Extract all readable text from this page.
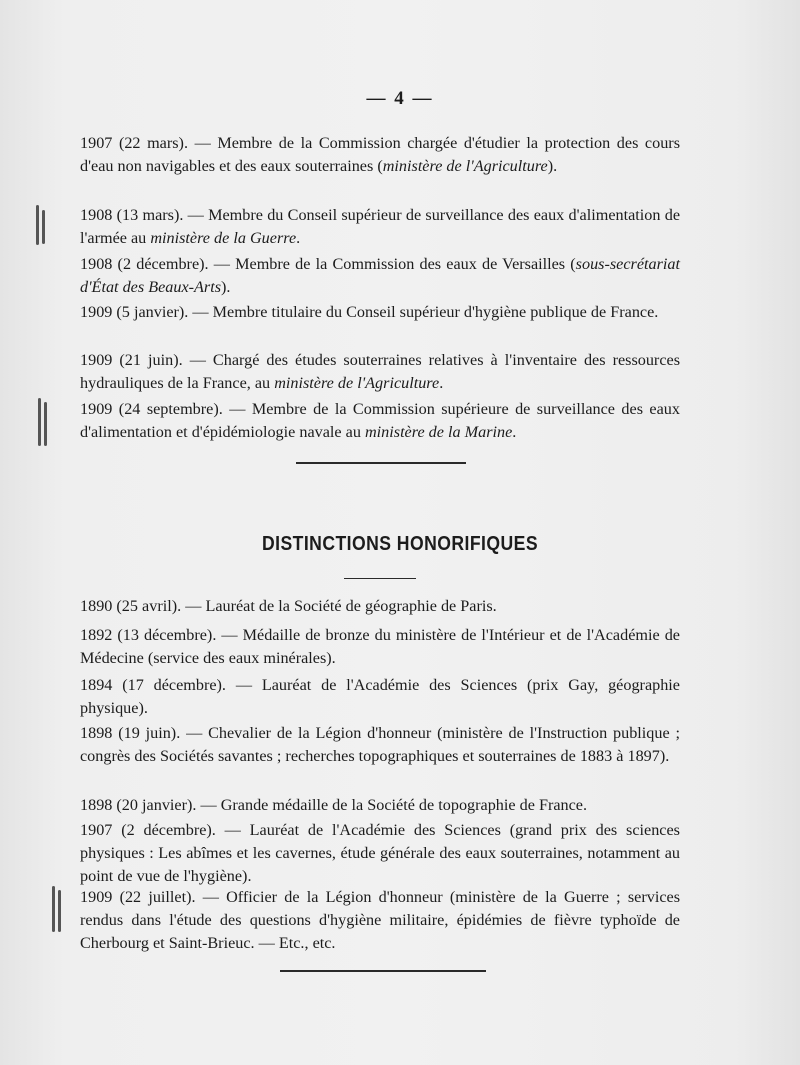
— 4 —

1907 (22 mars). — Membre de la Commission chargée d'étudier la protection des cours d'eau non navigables et des eaux souterraines (ministère de l'Agriculture).

1908 (13 mars). — Membre du Conseil supérieur de surveillance des eaux d'alimentation de l'armée au ministère de la Guerre.

1908 (2 décembre). — Membre de la Commission des eaux de Versailles (sous-secrétariat d'État des Beaux-Arts).

1909 (5 janvier). — Membre titulaire du Conseil supérieur d'hygiène publique de France.

1909 (21 juin). — Chargé des études souterraines relatives à l'inventaire des ressources hydrauliques de la France, au ministère de l'Agriculture.

1909 (24 septembre). — Membre de la Commission supérieure de surveillance des eaux d'alimentation et d'épidémiologie navale au ministère de la Marine.

DISTINCTIONS HONORIFIQUES

1890 (25 avril). — Lauréat de la Société de géographie de Paris.

1892 (13 décembre). — Médaille de bronze du ministère de l'Intérieur et de l'Académie de Médecine (service des eaux minérales).

1894 (17 décembre). — Lauréat de l'Académie des Sciences (prix Gay, géographie physique).

1898 (19 juin). — Chevalier de la Légion d'honneur (ministère de l'Instruction publique ; congrès des Sociétés savantes ; recherches topographiques et souterraines de 1883 à 1897).

1898 (20 janvier). — Grande médaille de la Société de topographie de France.

1907 (2 décembre). — Lauréat de l'Académie des Sciences (grand prix des sciences physiques : Les abîmes et les cavernes, étude générale des eaux souterraines, notamment au point de vue de l'hygiène).

1909 (22 juillet). — Officier de la Légion d'honneur (ministère de la Guerre ; services rendus dans l'étude des questions d'hygiène militaire, épidémies de fièvre typhoïde de Cherbourg et Saint-Brieuc. — Etc., etc.
